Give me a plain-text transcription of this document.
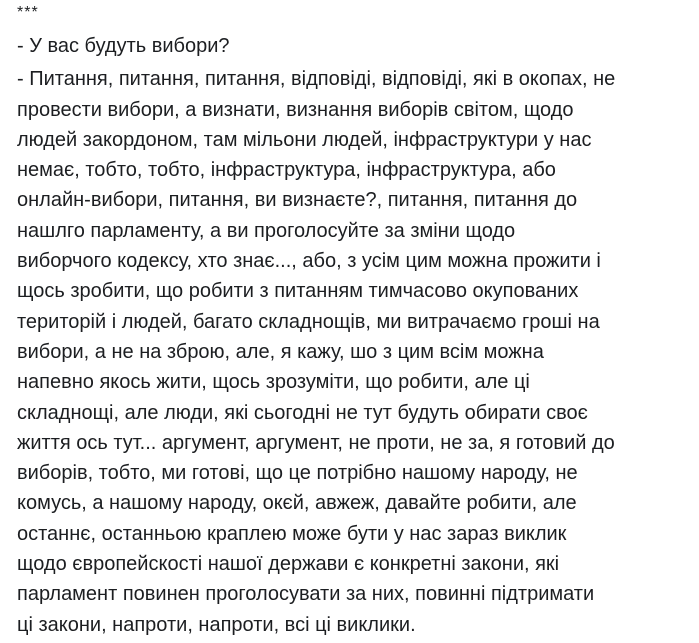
***
- У вас будуть вибори?
- Питання, питання, питання, відповіді, відповіді, які в окопах, не
провести вибори, а визнати, визнання виборів світом, щодо
людей закордоном, там мільони людей, інфраструктури у нас
немає, тобто, тобто, інфраструктура, інфраструктура, або
онлайн-вибори, питання, ви визнаєте?, питання, питання до
нашлго парламенту, а ви проголосуйте за зміни щодо
виборчого кодексу, хто знає..., або, з усім цим можна прожити і
щось зробити, що робити з питанням тимчасово окупованих
територій і людей, багато складнощів, ми витрачаємо гроші на
вибори, а не на зброю, але, я кажу, шо з цим всім можна
напевно якось жити, щось зрозуміти, що робити, але ці
складнощі, але люди, які сьогодні не тут будуть обирати своє
життя ось тут... аргумент, аргумент, не проти, не за, я готовий до
виборів, тобто, ми готові, що це потрібно нашому народу, не
комусь, а нашому народу, окєй, авжеж, давайте робити, але
останнє, останньою краплею може бути у нас зараз виклик
щодо європейскості нашої держави є конкретні закони, які
парламент повинен проголосувати за них, повинні підтримати
ці закони, напроти, напроти, всі ці виклики.
